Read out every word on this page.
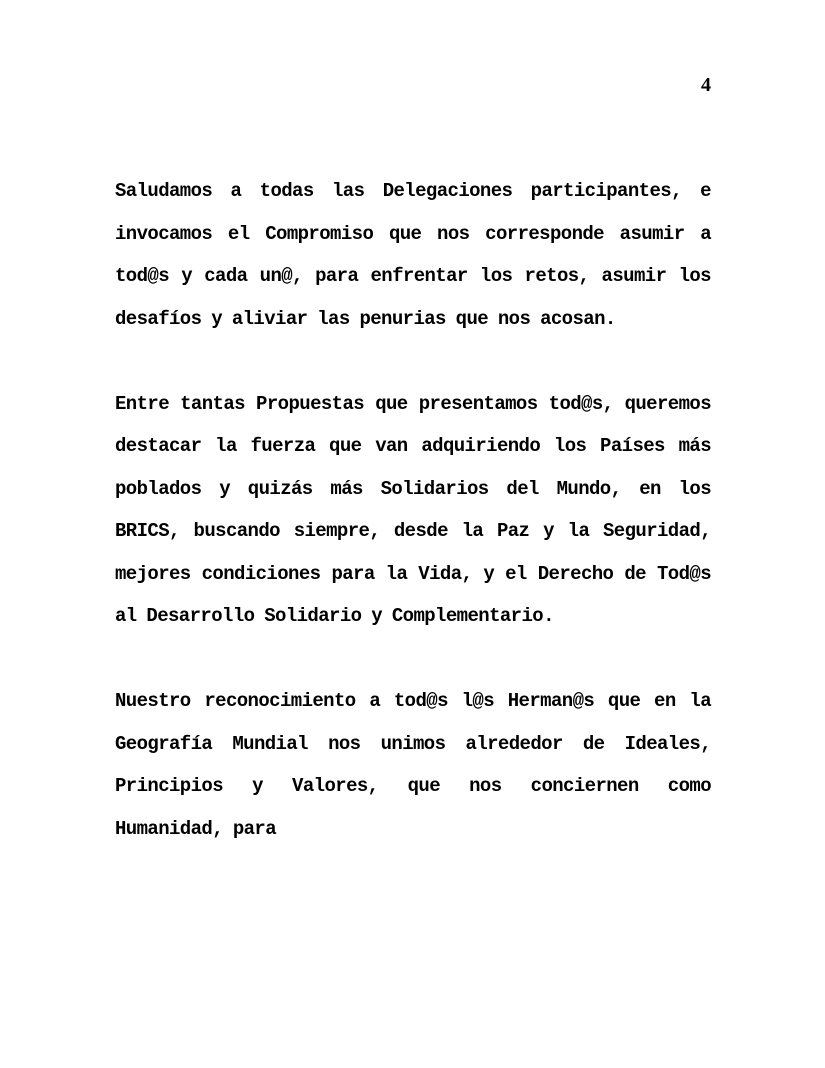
4

Saludamos a todas las Delegaciones participantes, e invocamos el Compromiso que nos corresponde asumir a tod@s y cada un@, para enfrentar los retos, asumir los desafíos y aliviar las penurias que nos acosan.

Entre tantas Propuestas que presentamos tod@s, queremos destacar la fuerza que van adquiriendo los Países más poblados y quizás más Solidarios del Mundo, en los BRICS, buscando siempre, desde la Paz y la Seguridad, mejores condiciones para la Vida, y el Derecho de Tod@s al Desarrollo Solidario y Complementario.

Nuestro reconocimiento a tod@s l@s Herman@s que en la Geografía Mundial nos unimos alrededor de Ideales, Principios y Valores, que nos conciernen como Humanidad, para
